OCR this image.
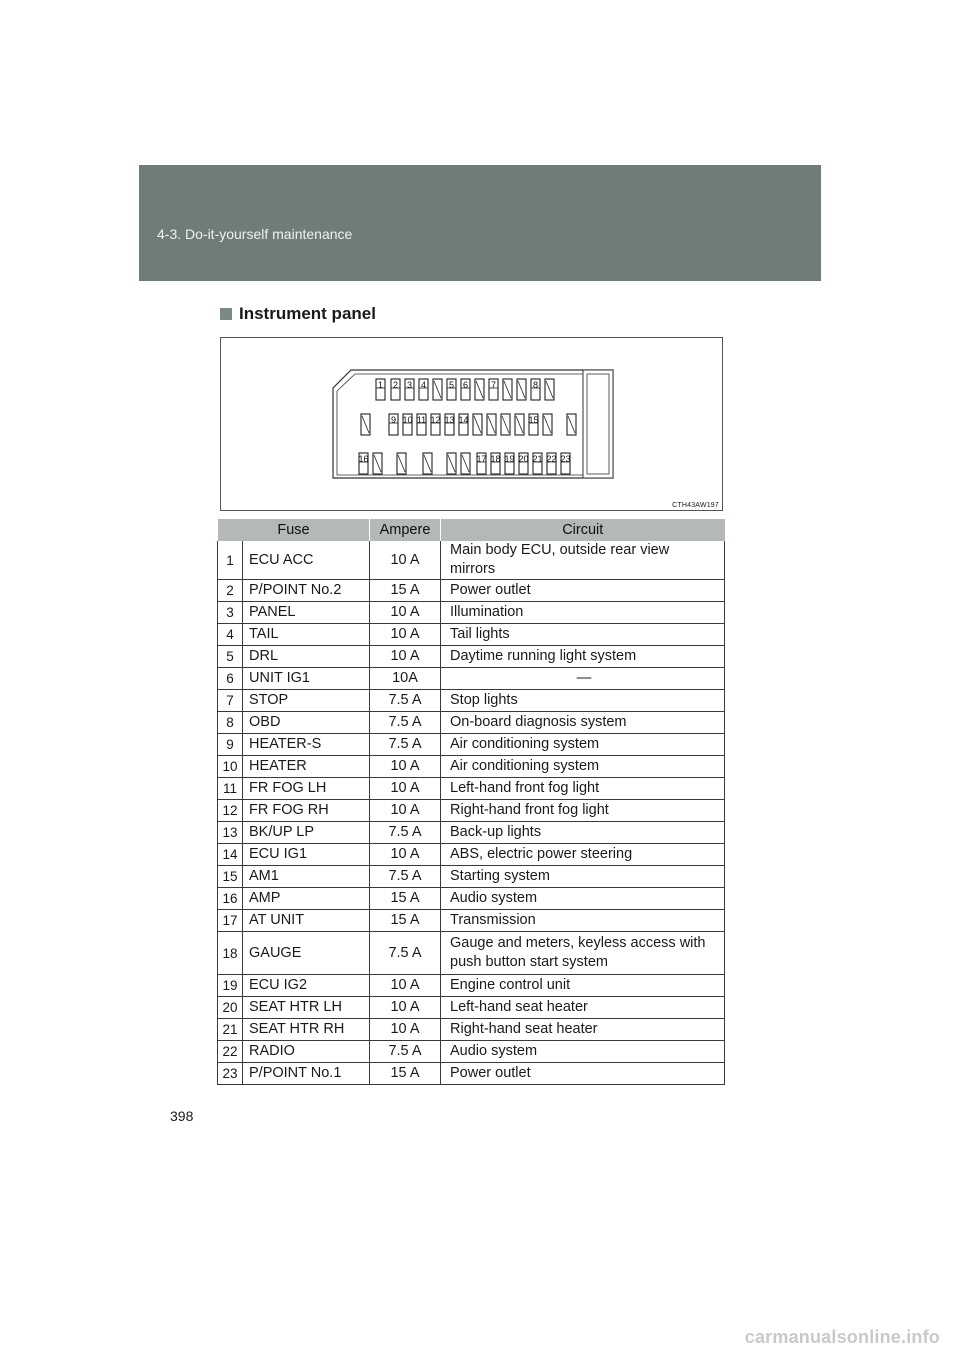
4-3. Do-it-yourself maintenance
Instrument panel
1 2 3 4	5 6	7	8
9 10 11 12 13 14	15
16	17 18 19 20 21 22 23
CTH43AW197
Fuse		Ampere	Circuit
1	ECU ACC	10 A	Main body ECU, outside rear view mirrors
2	P/POINT No.2	15 A	Power outlet
3	PANEL	10 A	Illumination
4	TAIL	10 A	Tail lights
5	DRL	10 A	Daytime running light system
6	UNIT IG1	10A	—
7	STOP	7.5 A	Stop lights
8	OBD	7.5 A	On-board diagnosis system
9	HEATER-S	7.5 A	Air conditioning system
10	HEATER	10 A	Air conditioning system
11	FR FOG LH	10 A	Left-hand front fog light
12	FR FOG RH	10 A	Right-hand front fog light
13	BK/UP LP	7.5 A	Back-up lights
14	ECU IG1	10 A	ABS, electric power steering
15	AM1	7.5 A	Starting system
16	AMP	15 A	Audio system
17	AT UNIT	15 A	Transmission
18	GAUGE	7.5 A	Gauge and meters, keyless access with push button start system
19	ECU IG2	10 A	Engine control unit
20	SEAT HTR LH	10 A	Left-hand seat heater
21	SEAT HTR RH	10 A	Right-hand seat heater
22	RADIO	7.5 A	Audio system
23	P/POINT No.1	15 A	Power outlet
398
carmanualsonline.info
